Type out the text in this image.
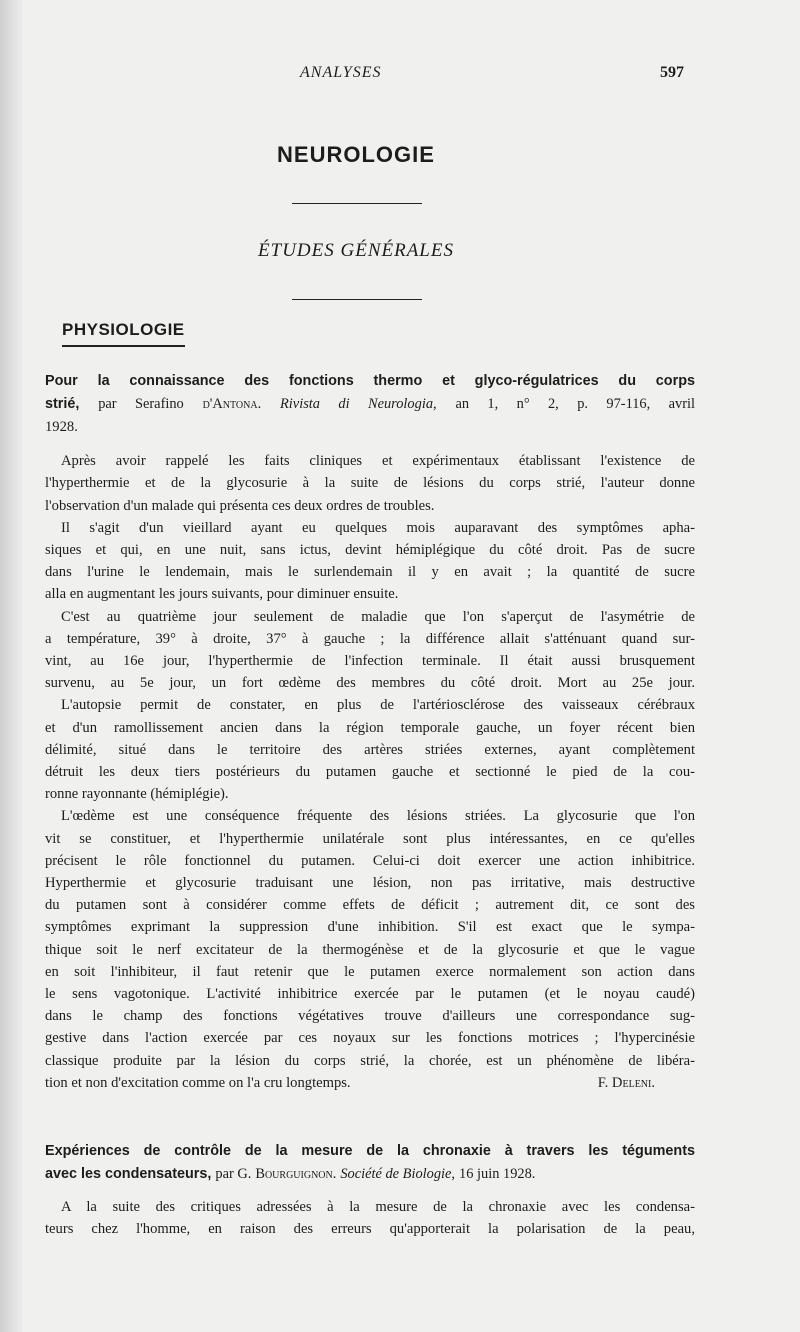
ANALYSES	597
NEUROLOGIE
ÉTUDES GÉNÉRALES
PHYSIOLOGIE
Pour la connaissance des fonctions thermo et glyco-régulatrices du corps
strié, par Serafino d'Antona. Rivista di Neurologia, an 1, n° 2, p. 97-116, avril
1928.
Après avoir rappelé les faits cliniques et expérimentaux établissant l'existence de
l'hyperthermie et de la glycosurie à la suite de lésions du corps strié, l'auteur donne
l'observation d'un malade qui présenta ces deux ordres de troubles.
Il s'agit d'un vieillard ayant eu quelques mois auparavant des symptômes apha-
siques et qui, en une nuit, sans ictus, devint hémiplégique du côté droit. Pas de sucre
dans l'urine le lendemain, mais le surlendemain il y en avait ; la quantité de sucre
alla en augmentant les jours suivants, pour diminuer ensuite.
C'est au quatrième jour seulement de maladie que l'on s'aperçut de l'asymétrie de
a température, 39° à droite, 37° à gauche ; la différence allait s'atténuant quand sur-
vint, au 16e jour, l'hyperthermie de l'infection terminale. Il était aussi brusquement
survenu, au 5e jour, un fort œdème des membres du côté droit. Mort au 25e jour.
L'autopsie permit de constater, en plus de l'artériosclérose des vaisseaux cérébraux
et d'un ramollissement ancien dans la région temporale gauche, un foyer récent bien
délimité, situé dans le territoire des artères striées externes, ayant complètement
détruit les deux tiers postérieurs du putamen gauche et sectionné le pied de la cou-
ronne rayonnante (hémiplégie).
L'œdème est une conséquence fréquente des lésions striées. La glycosurie que l'on
vit se constituer, et l'hyperthermie unilatérale sont plus intéressantes, en ce qu'elles
précisent le rôle fonctionnel du putamen. Celui-ci doit exercer une action inhibitrice.
Hyperthermie et glycosurie traduisant une lésion, non pas irritative, mais destructive
du putamen sont à considérer comme effets de déficit ; autrement dit, ce sont des
symptômes exprimant la suppression d'une inhibition. S'il est exact que le sympa-
thique soit le nerf excitateur de la thermogénèse et de la glycosurie et que le vague
en soit l'inhibiteur, il faut retenir que le putamen exerce normalement son action dans
le sens vagotonique. L'activité inhibitrice exercée par le putamen (et le noyau caudé)
dans le champ des fonctions végétatives trouve d'ailleurs une correspondance sug-
gestive dans l'action exercée par ces noyaux sur les fonctions motrices ; l'hypercinésie
classique produite par la lésion du corps strié, la chorée, est un phénomène de libéra-
tion et non d'excitation comme on l'a cru longtemps.	F. Deleni.
Expériences de contrôle de la mesure de la chronaxie à travers les téguments
avec les condensateurs, par G. Bourguignon. Société de Biologie, 16 juin 1928.
A la suite des critiques adressées à la mesure de la chronaxie avec les condensa-
teurs chez l'homme, en raison des erreurs qu'apporterait la polarisation de la peau,
